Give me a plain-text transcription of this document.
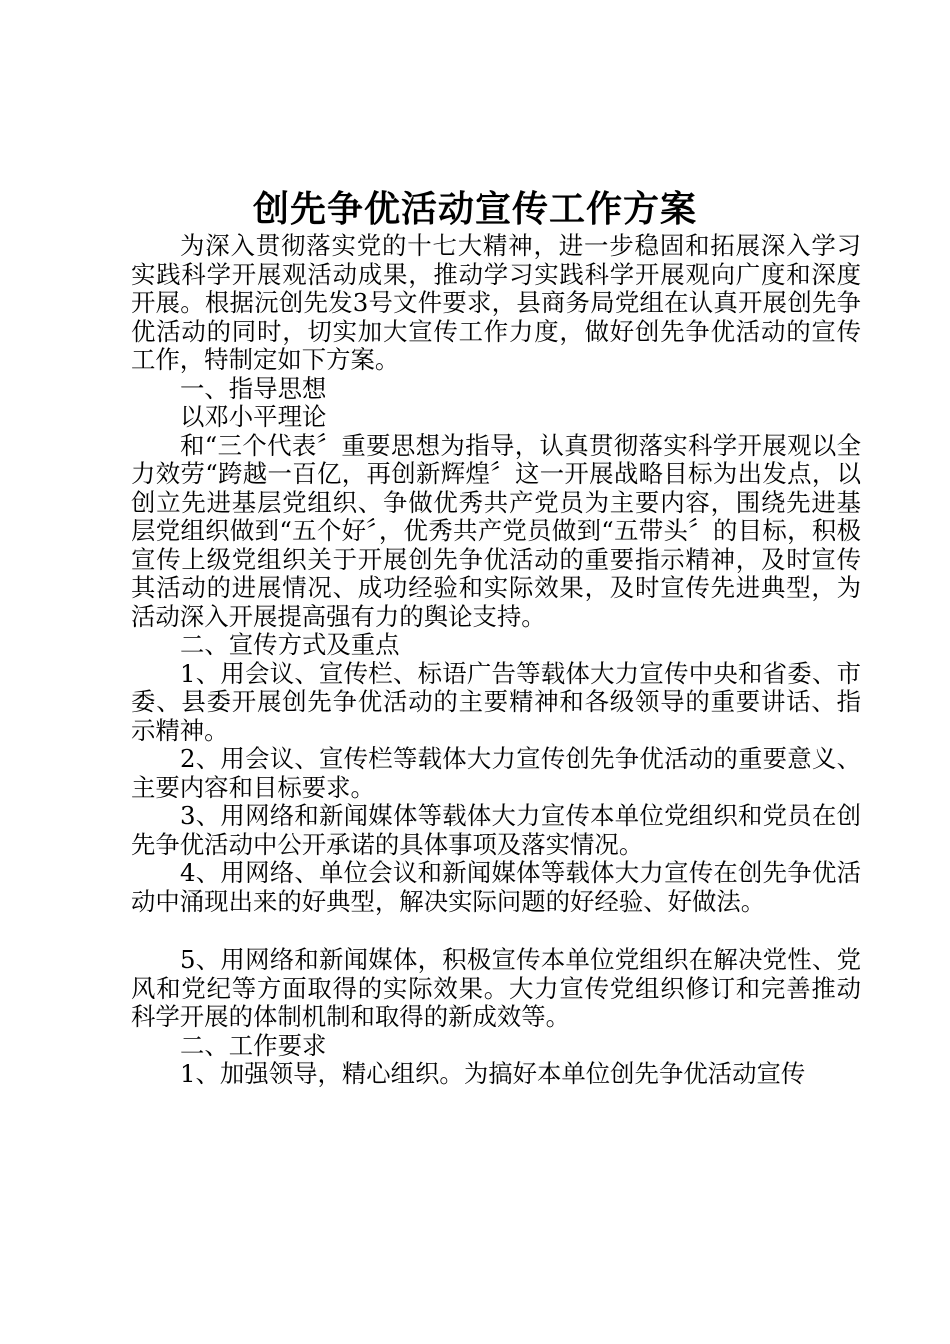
创先争优活动宣传工作方案

为深入贯彻落实党的十七大精神，进一步稳固和拓展深入学习实践科学开展观活动成果，推动学习实践科学开展观向广度和深度开展。根据沅创先发3号文件要求，县商务局党组在认真开展创先争优活动的同时，切实加大宣传工作力度，做好创先争优活动的宣传工作，特制定如下方案。

一、指导思想

以邓小平理论

和“三个代表〞重要思想为指导，认真贯彻落实科学开展观以全力效劳“跨越一百亿，再创新辉煌〞这一开展战略目标为出发点，以创立先进基层党组织、争做优秀共产党员为主要内容，围绕先进基层党组织做到“五个好〞，优秀共产党员做到“五带头〞的目标，积极宣传上级党组织关于开展创先争优活动的重要指示精神，及时宣传其活动的进展情况、成功经验和实际效果，及时宣传先进典型，为活动深入开展提高强有力的舆论支持。

二、宣传方式及重点

1、用会议、宣传栏、标语广告等载体大力宣传中央和省委、市委、县委开展创先争优活动的主要精神和各级领导的重要讲话、指示精神。

2、用会议、宣传栏等载体大力宣传创先争优活动的重要意义、主要内容和目标要求。

3、用网络和新闻媒体等载体大力宣传本单位党组织和党员在创先争优活动中公开承诺的具体事项及落实情况。

4、用网络、单位会议和新闻媒体等载体大力宣传在创先争优活动中涌现出来的好典型，解决实际问题的好经验、好做法。

5、用网络和新闻媒体，积极宣传本单位党组织在解决党性、党风和党纪等方面取得的实际效果。大力宣传党组织修订和完善推动科学开展的体制机制和取得的新成效等。

二、工作要求

1、加强领导，精心组织。为搞好本单位创先争优活动宣传
